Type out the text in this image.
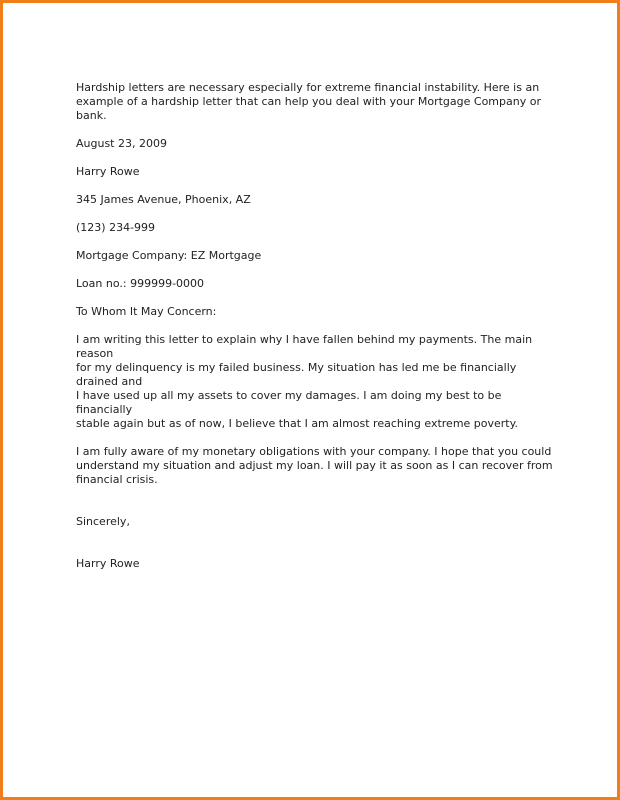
Hardship letters are necessary especially for extreme financial instability. Here is an
example of a hardship letter that can help you deal with your Mortgage Company or bank.

August 23, 2009

Harry Rowe

345 James Avenue, Phoenix, AZ

(123) 234-999

Mortgage Company: EZ Mortgage

Loan no.: 999999-0000

To Whom It May Concern:

I am writing this letter to explain why I have fallen behind my payments. The main reason
for my delinquency is my failed business. My situation has led me be financially drained and
I have used up all my assets to cover my damages. I am doing my best to be financially
stable again but as of now, I believe that I am almost reaching extreme poverty.

I am fully aware of my monetary obligations with your company. I hope that you could
understand my situation and adjust my loan. I will pay it as soon as I can recover from
financial crisis.

Sincerely,

Harry Rowe
